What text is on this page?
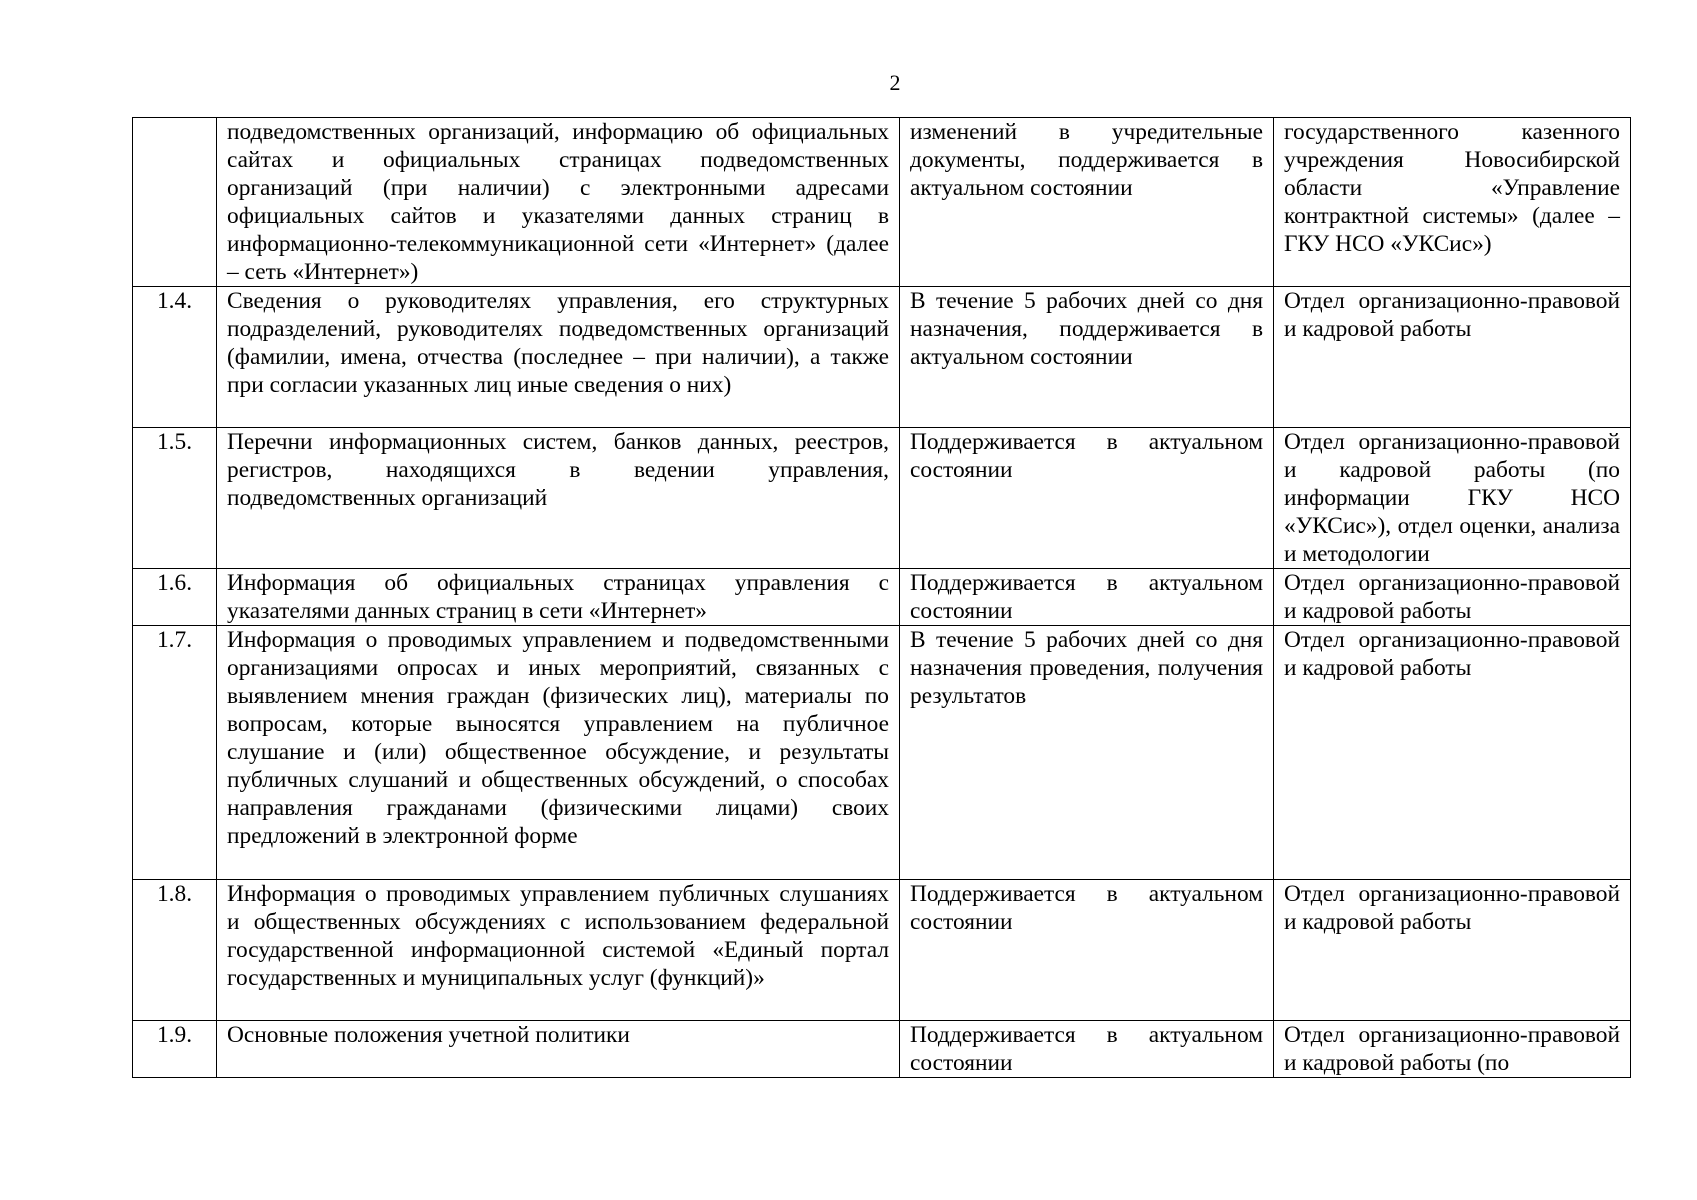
2
	подведомственных организаций, информацию об официальных сайтах и официальных страницах подведомственных организаций (при наличии) с электронными адресами официальных сайтов и указателями данных страниц в информационно-телекоммуникационной сети «Интернет» (далее – сеть «Интернет»)	изменений в учредительные документы, поддерживается в актуальном состоянии	государственного казенного учреждения Новосибирской области «Управление контрактной системы» (далее – ГКУ НСО «УКСис»)
1.4.	Сведения о руководителях управления, его структурных подразделений, руководителях подведомственных организаций (фамилии, имена, отчества (последнее – при наличии), а также при согласии указанных лиц иные сведения о них)	В течение 5 рабочих дней со дня назначения, поддерживается в актуальном состоянии	Отдел организационно-правовой и кадровой работы
1.5.	Перечни информационных систем, банков данных, реестров, регистров, находящихся в ведении управления, подведомственных организаций	Поддерживается в актуальном состоянии	Отдел организационно-правовой и кадровой работы (по информации ГКУ НСО «УКСис»), отдел оценки, анализа и методологии
1.6.	Информация об официальных страницах управления с указателями данных страниц в сети «Интернет»	Поддерживается в актуальном состоянии	Отдел организационно-правовой и кадровой работы
1.7.	Информация о проводимых управлением и подведомственными организациями опросах и иных мероприятий, связанных с выявлением мнения граждан (физических лиц), материалы по вопросам, которые выносятся управлением на публичное слушание и (или) общественное обсуждение, и результаты публичных слушаний и общественных обсуждений, о способах направления гражданами (физическими лицами) своих предложений в электронной форме	В течение 5 рабочих дней со дня назначения проведения, получения результатов	Отдел организационно-правовой и кадровой работы
1.8.	Информация о проводимых управлением публичных слушаниях и общественных обсуждениях с использованием федеральной государственной информационной системой «Единый портал государственных и муниципальных услуг (функций)»	Поддерживается в актуальном состоянии	Отдел организационно-правовой и кадровой работы
1.9.	Основные положения учетной политики	Поддерживается в актуальном состоянии	Отдел организационно-правовой и кадровой работы (по
